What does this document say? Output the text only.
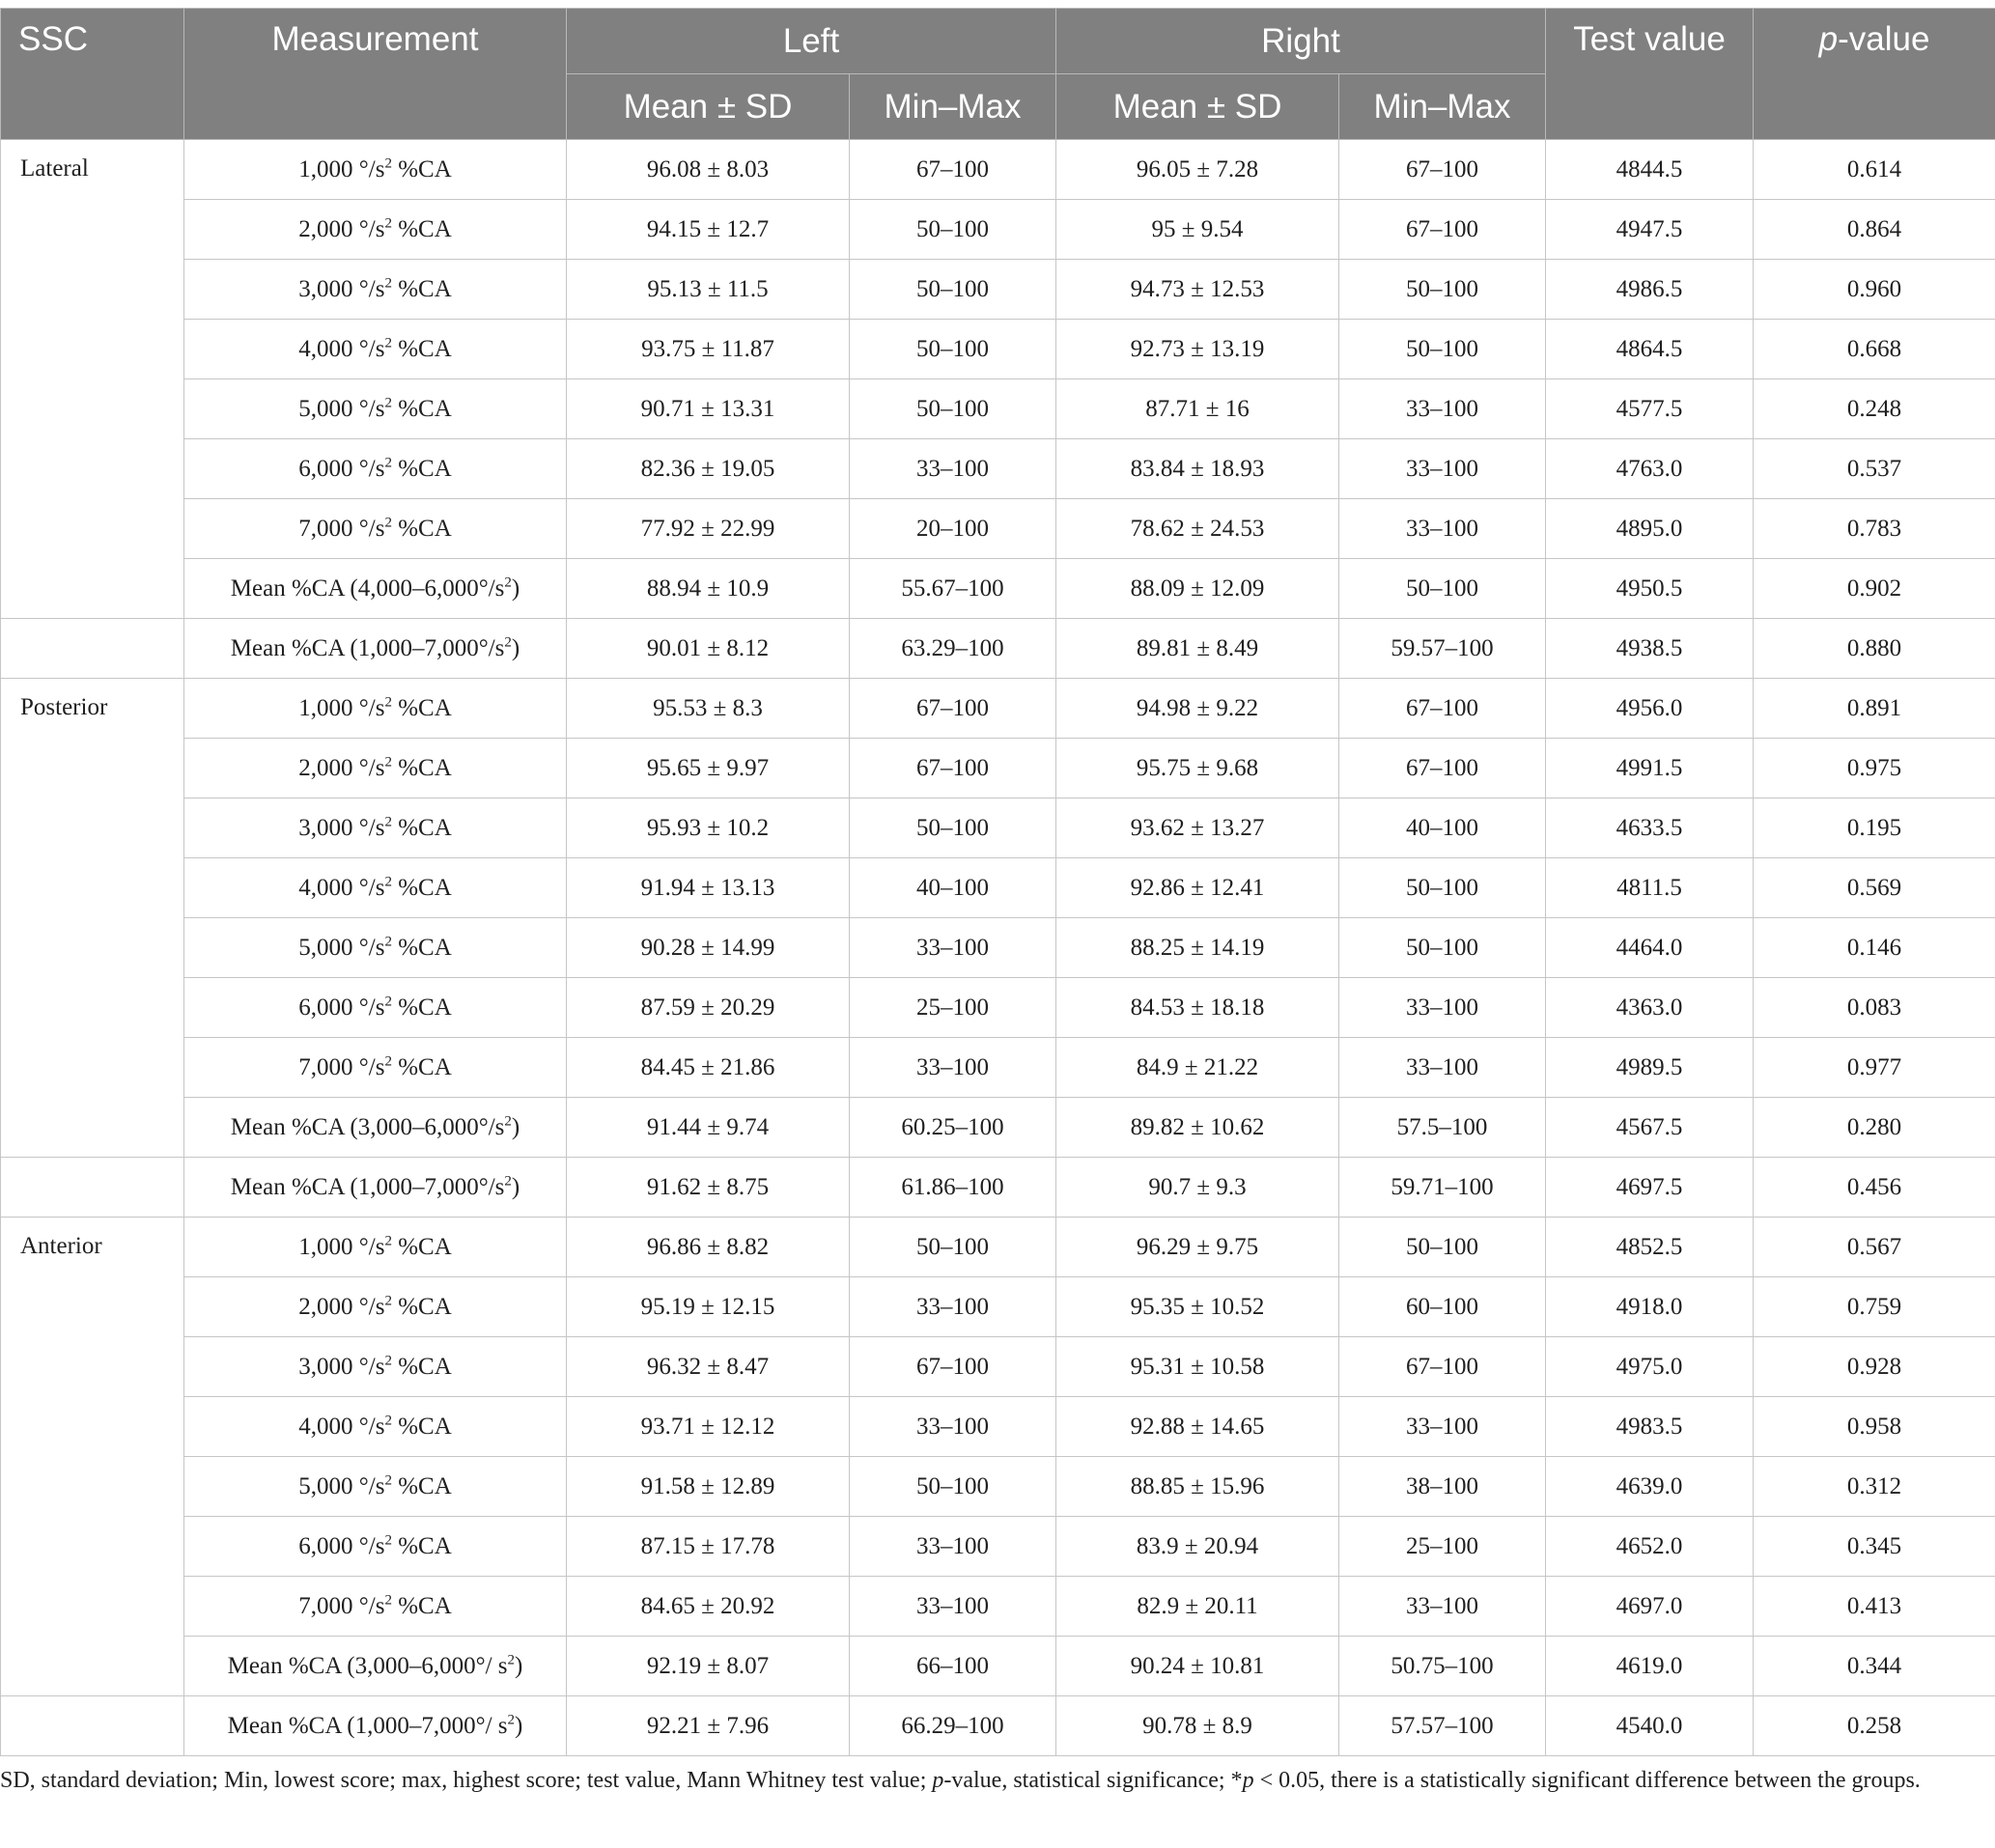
SSC	Measurement	Left		Right		Test value	p-value
		Mean ± SD	Min–Max	Mean ± SD	Min–Max		
Lateral	1,000 $^\circ/s^2$ %CA	96.08 ± 8.03	67–100	96.05 ± 7.28	67–100	4844.5	0.614
	2,000 $^\circ/s^2$ %CA	94.15 ± 12.7	50–100	95 ± 9.54	67–100	4947.5	0.864
	3,000 $^\circ/s^2$ %CA	95.13 ± 11.5	50–100	94.73 ± 12.53	50–100	4986.5	0.960
	4,000 $^\circ/s^2$ %CA	93.75 ± 11.87	50–100	92.73 ± 13.19	50–100	4864.5	0.668
	5,000 $^\circ/s^2$ %CA	90.71 ± 13.31	50–100	87.71 ± 16	33–100	4577.5	0.248
	6,000 $^\circ/s^2$ %CA	82.36 ± 19.05	33–100	83.84 ± 18.93	33–100	4763.0	0.537
	7,000 $^\circ/s^2$ %CA	77.92 ± 22.99	20–100	78.62 ± 24.53	33–100	4895.0	0.783
	Mean %CA $(4,000-6,000^\circ/s^2)$	88.94 ± 10.9	55.67–100	88.09 ± 12.09	50–100	4950.5	0.902
	Mean %CA $(1,000-7,000^\circ/s^2)$	90.01 ± 8.12	63.29–100	89.81 ± 8.49	59.57–100	4938.5	0.880
Posterior	1,000 $^\circ/s^2$ %CA	95.53 ± 8.3	67–100	94.98 ± 9.22	67–100	4956.0	0.891
	2,000 $^\circ/s^2$ %CA	95.65 ± 9.97	67–100	95.75 ± 9.68	67–100	4991.5	0.975
	3,000 $^\circ/s^2$ %CA	95.93 ± 10.2	50–100	93.62 ± 13.27	40–100	4633.5	0.195
	4,000 $^\circ/s^2$ %CA	91.94 ± 13.13	40–100	92.86 ± 12.41	50–100	4811.5	0.569
	5,000 $^\circ/s^2$ %CA	90.28 ± 14.99	33–100	88.25 ± 14.19	50–100	4464.0	0.146
	6,000 $^\circ/s^2$ %CA	87.59 ± 20.29	25–100	84.53 ± 18.18	33–100	4363.0	0.083
	7,000 $^\circ/s^2$ %CA	84.45 ± 21.86	33–100	84.9 ± 21.22	33–100	4989.5	0.977
	Mean %CA $(3,000-6,000^\circ/s^2)$	91.44 ± 9.74	60.25–100	89.82 ± 10.62	57.5–100	4567.5	0.280
	Mean %CA $(1,000-7,000^\circ/s^2)$	91.62 ± 8.75	61.86–100	90.7 ± 9.3	59.71–100	4697.5	0.456
Anterior	1,000 $^\circ/s^2$ %CA	96.86 ± 8.82	50–100	96.29 ± 9.75	50–100	4852.5	0.567
	2,000 $^\circ/s^2$ %CA	95.19 ± 12.15	33–100	95.35 ± 10.52	60–100	4918.0	0.759
	3,000 $^\circ/s^2$ %CA	96.32 ± 8.47	67–100	95.31 ± 10.58	67–100	4975.0	0.928
	4,000 $^\circ/s^2$ %CA	93.71 ± 12.12	33–100	92.88 ± 14.65	33–100	4983.5	0.958
	5,000 $^\circ/s^2$ %CA	91.58 ± 12.89	50–100	88.85 ± 15.96	38–100	4639.0	0.312
	6,000 $^\circ/s^2$ %CA	87.15 ± 17.78	33–100	83.9 ± 20.94	25–100	4652.0	0.345
	7,000 $^\circ/s^2$ %CA	84.65 ± 20.92	33–100	82.9 ± 20.11	33–100	4697.0	0.413
	Mean %CA (3,000–6,000°/ $s^2$)	92.19 ± 8.07	66–100	90.24 ± 10.81	50.75–100	4619.0	0.344
	Mean %CA (1,000–7,000°/ $s^2$)	92.21 ± 7.96	66.29–100	90.78 ± 8.9	57.57–100	4540.0	0.258
SD, standard deviation; Min, lowest score; max, highest score; test value, Mann Whitney test value; p-value, statistical significance; *p < 0.05, there is a statistically significant difference between the groups.
